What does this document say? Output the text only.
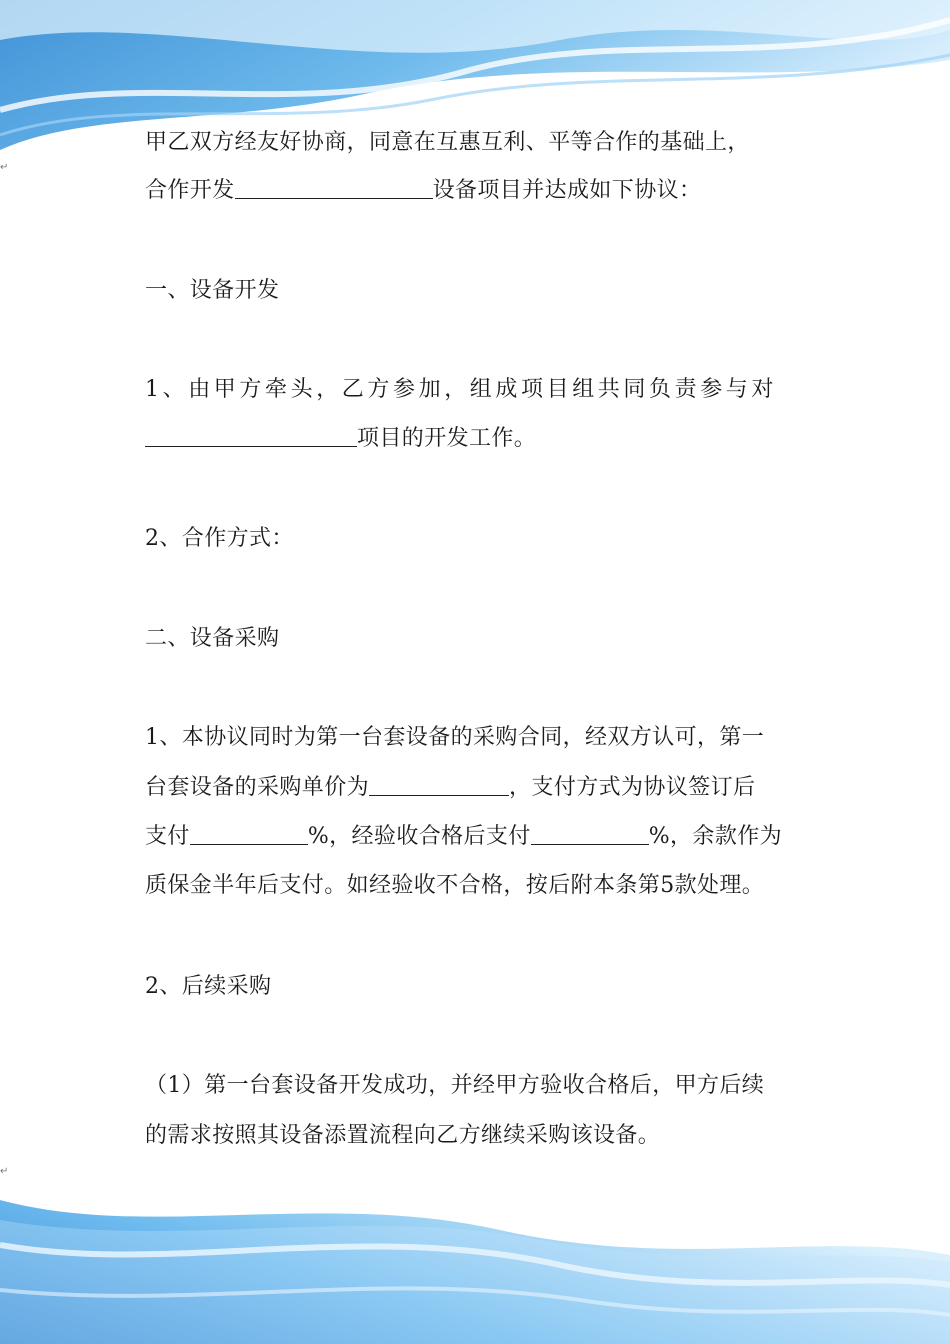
↵
↵

甲乙双方经友好协商，同意在互惠互利、平等合作的基础上，

合作开发	设备项目并达成如下协议：

一、设备开发

1、由甲方牵头，乙方参加，组成项目组共同负责参与对

项目的开发工作。

2、合作方式：

二、设备采购

1、本协议同时为第一台套设备的采购合同，经双方认可，第一

台套设备的采购单价为	，支付方式为协议签订后

支付	%，经验收合格后支付	%，余款作为

质保金半年后支付。如经验收不合格，按后附本条第5款处理。

2、后续采购

（1）第一台套设备开发成功，并经甲方验收合格后，甲方后续

的需求按照其设备添置流程向乙方继续采购该设备。
